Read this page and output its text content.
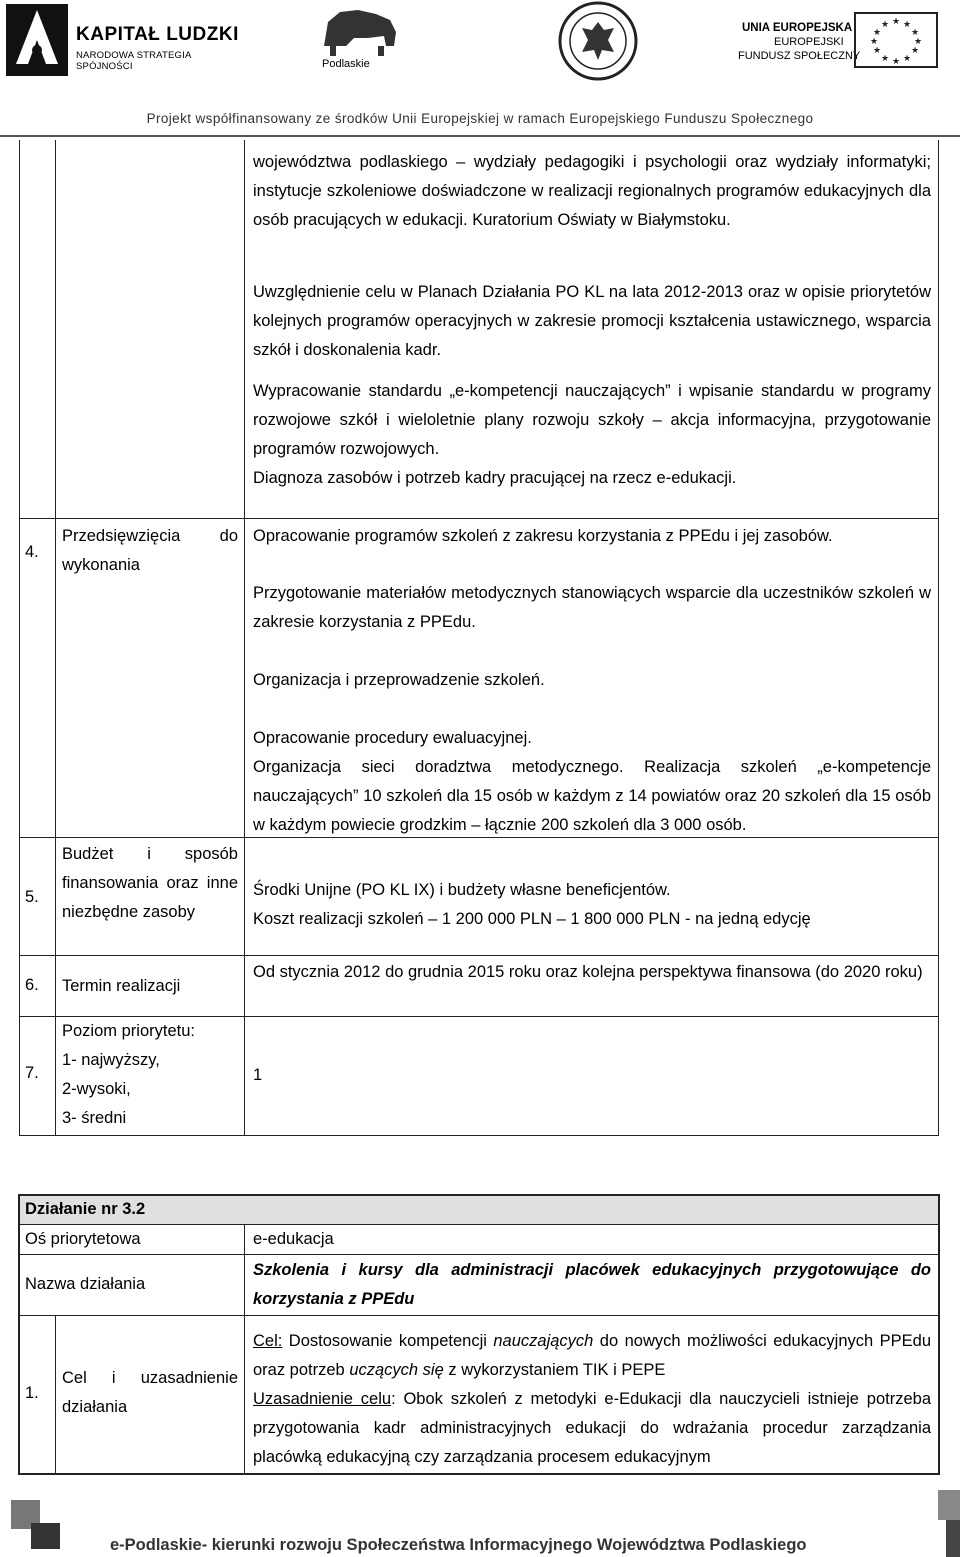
KAPITAŁ LUDZKI
NARODOWA STRATEGIA SPÓJNOŚCI	Podlaskie
UNIA EUROPEJSKA
EUROPEJSKI
FUNDUSZ SPOŁECZNY
★ ★
★
★
★
★
★
★
★
★
★
★
Projekt współfinansowany ze środków Unii Europejskiej w ramach Europejskiego Funduszu Społecznego
województwa podlaskiego – wydziały pedagogiki i psychologii oraz wydziały informatyki; instytucje szkoleniowe doświadczone w realizacji regionalnych programów edukacyjnych dla osób pracujących w edukacji. Kuratorium Oświaty w Białymstoku.
Uwzględnienie celu w Planach Działania PO KL na lata 2012-2013 oraz w opisie priorytetów kolejnych programów operacyjnych w zakresie promocji kształcenia ustawicznego, wsparcia szkół i doskonalenia kadr.
Wypracowanie standardu „e-kompetencji nauczających” i wpisanie standardu w programy rozwojowe szkół i wieloletnie plany rozwoju szkoły – akcja informacyjna, przygotowanie programów rozwojowych.
Diagnoza zasobów i potrzeb kadry pracującej na rzecz e-edukacji.
4.
Przedsięwzięcia do wykonania
Opracowanie programów szkoleń z zakresu korzystania z PPEdu i jej zasobów.
Przygotowanie materiałów metodycznych stanowiących wsparcie dla uczestników szkoleń w zakresie korzystania z PPEdu.
Organizacja i przeprowadzenie szkoleń.
Opracowanie procedury ewaluacyjnej.
Organizacja sieci doradztwa metodycznego. Realizacja szkoleń „e-kompetencje nauczających” 10 szkoleń dla 15 osób w każdym z 14 powiatów oraz 20 szkoleń dla 15 osób w każdym powiecie grodzkim – łącznie 200 szkoleń dla 3 000 osób.
5.
Budżet i sposób finansowania oraz inne niezbędne zasoby
Środki Unijne (PO KL IX) i budżety własne beneficjentów.
Koszt realizacji szkoleń – 1 200 000 PLN – 1 800 000 PLN - na jedną edycję
6. Termin realizacji
Od stycznia 2012 do grudnia 2015 roku oraz kolejna perspektywa finansowa (do 2020 roku)
7.
Poziom priorytetu:
1- najwyższy,
2-wysoki,
3- średni
1
Działanie nr 3.2
Oś priorytetowa	e-edukacja
Nazwa działania
Szkolenia i kursy dla administracji placówek edukacyjnych przygotowujące do korzystania z PPEdu
1.
Cel i uzasadnienie działania
Cel: Dostosowanie kompetencji nauczających do nowych możliwości edukacyjnych PPEdu oraz potrzeb uczących się z wykorzystaniem TIK i PEPE
Uzasadnienie celu: Obok szkoleń z metodyki e-Edukacji dla nauczycieli istnieje potrzeba przygotowania kadr administracyjnych edukacji do wdrażania procedur zarządzania placówką edukacyjną czy zarządzania procesem edukacyjnym
e-Podlaskie- kierunki rozwoju Społeczeństwa Informacyjnego Województwa Podlaskiego
